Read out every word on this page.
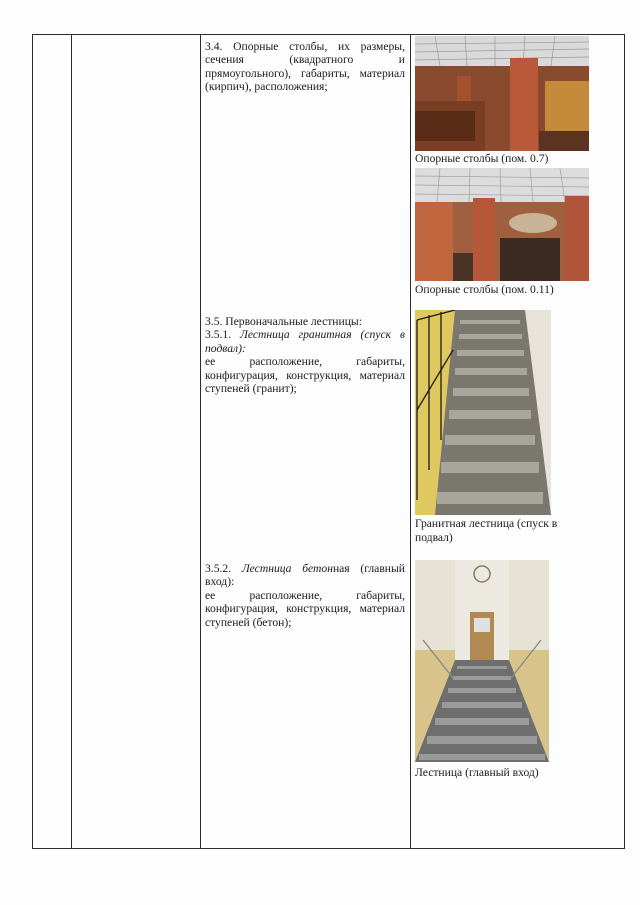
3.4. Опорные столбы, их размеры, сечения (квадратного и прямоугольного), габариты, материал (кирпич), расположения;

3.5. Первоначальные лестницы:

3.5.1. Лестница гранитная (спуск в подвал):

ее расположение, габариты, конфигурация, конструкция, материал ступеней (гранит);

3.5.2. Лестница бетонная (главный вход):

ее расположение, габариты, конфигурация, конструкция, материал ступеней (бетон);

Опорные столбы (пом. 0.7)
Опорные столбы (пом. 0.11)
Гранитная лестница (спуск в подвал)
Лестница (главный вход)
